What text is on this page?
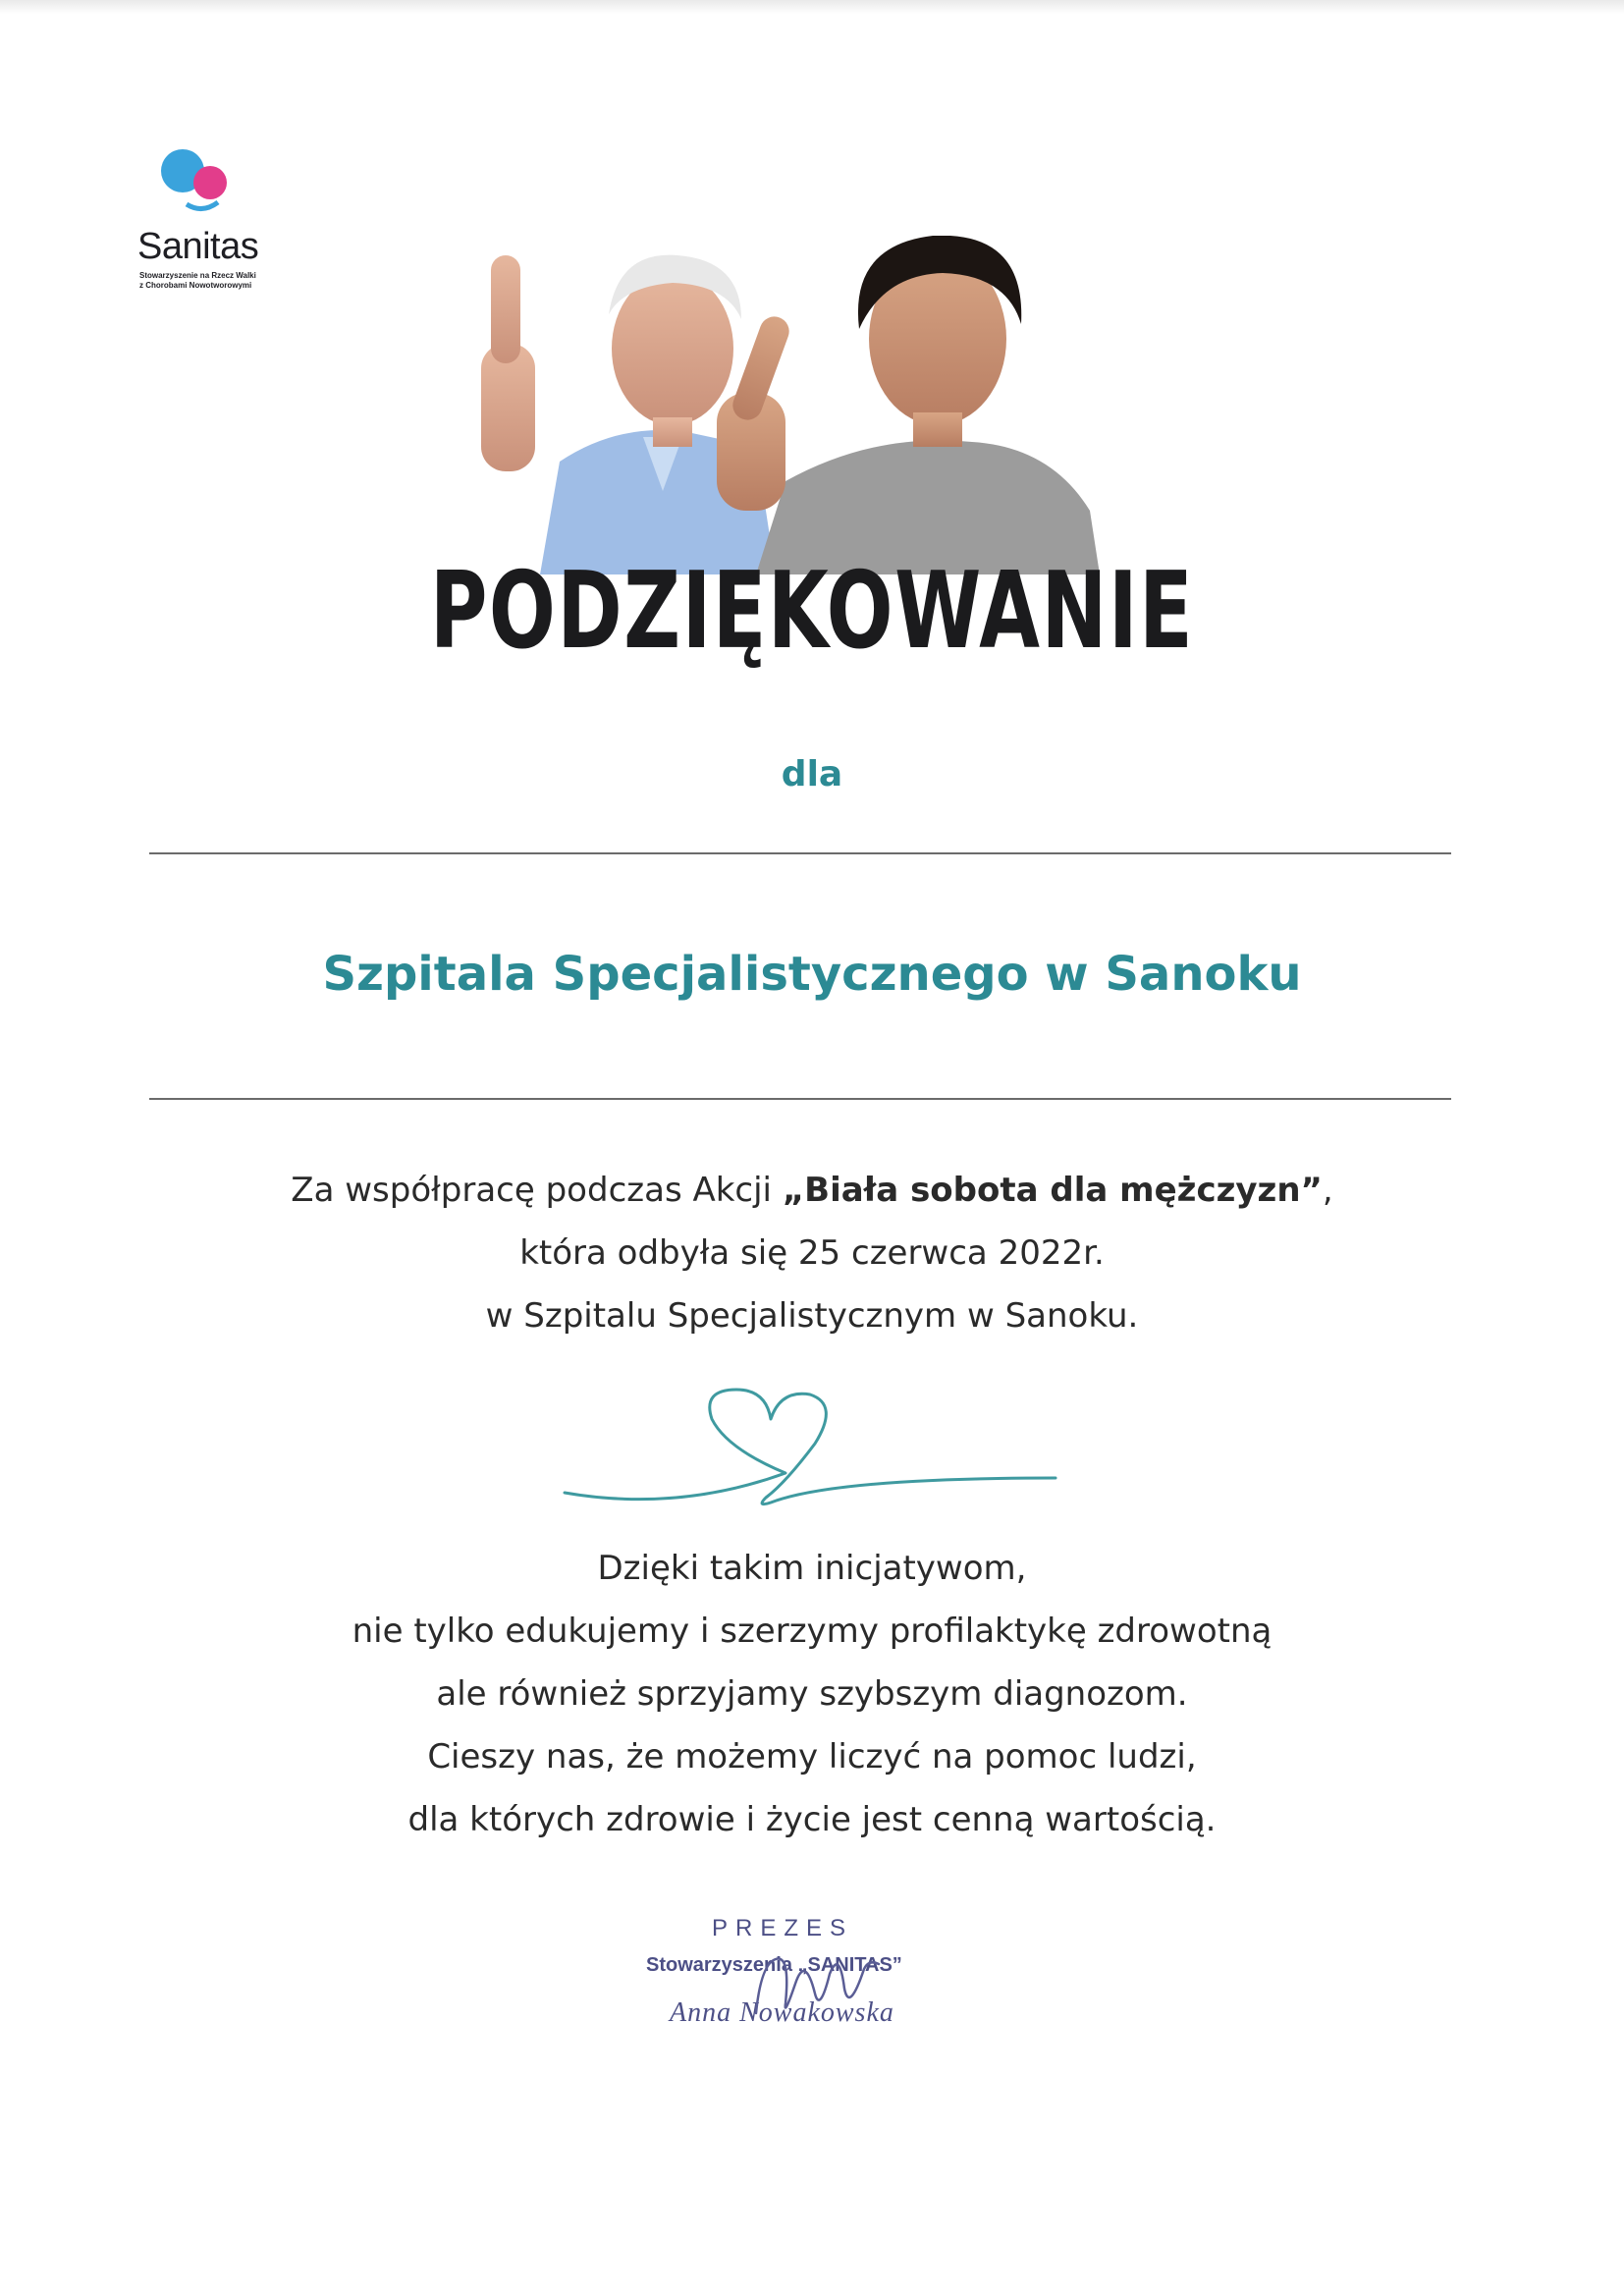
Sanitas

Stowarzyszenie na Rzecz Walki
z Chorobami Nowotworowymi

PODZIĘKOWANIE

dla

Szpitala Specjalistycznego w Sanoku

Za współpracę podczas Akcji „Biała sobota dla mężczyzn”,
która odbyła się 25 czerwca 2022r.
w Szpitalu Specjalistycznym w Sanoku.
Dzięki takim inicjatywom,
nie tylko edukujemy i szerzymy profilaktykę zdrowotną
ale również sprzyjamy szybszym diagnozom.
Cieszy nas, że możemy liczyć na pomoc ludzi,
dla których zdrowie i życie jest cenną wartością.

PREZES

Stowarzyszenia „SANITAS”

Anna Nowakowska
